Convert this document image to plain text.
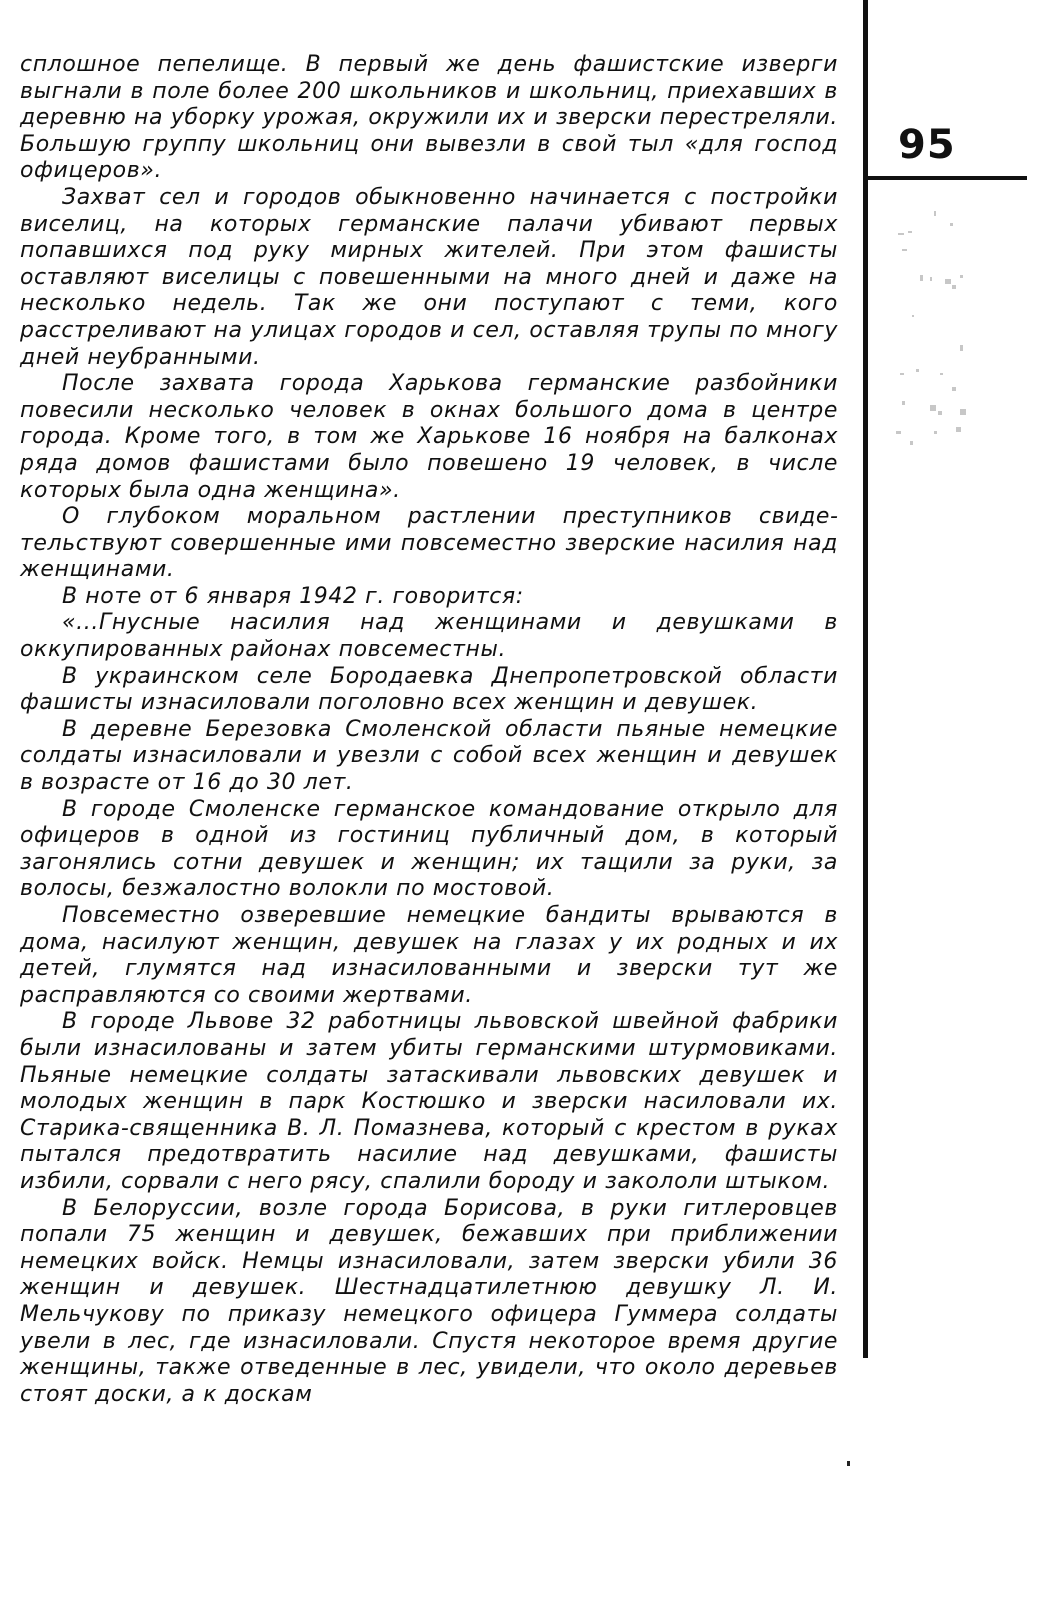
сплошное пепелище. В первый же день фашистские изверги выгнали в поле более 200 школьников и школьниц, приехавших в деревню на уборку урожая, окружили их и зверски перестреляли. Большую группу школьниц они вывезли в свой тыл «для господ офицеров».

Захват сел и городов обыкновенно начинается с постройки виселиц, на которых германские палачи убивают первых попавшихся под руку мирных жителей. При этом фашисты оставляют виселицы с повешенными на много дней и даже на несколько недель. Так же они поступают с теми, кого расстреливают на улицах городов и сел, оставляя трупы по многу дней неубранными.

После захвата города Харькова германские разбойники повесили несколько человек в окнах большого дома в центре города. Кроме того, в том же Харькове 16 ноября на балконах ряда домов фашистами было повешено 19 человек, в числе которых была одна женщина».

О глубоком моральном растлении преступников свидетельствуют совершенные ими повсеместно зверские насилия над женщинами.

В ноте от 6 января 1942 г. говорится:

«...Гнусные насилия над женщинами и девушками в оккупированных районах повсеместны.

В украинском селе Бородаевка Днепропетровской области фашисты изнасиловали поголовно всех женщин и девушек.

В деревне Березовка Смоленской области пьяные немецкие солдаты изнасиловали и увезли с собой всех женщин и девушек в возрасте от 16 до 30 лет.

В городе Смоленске германское командование открыло для офицеров в одной из гостиниц публичный дом, в который загонялись сотни девушек и женщин; их тащили за руки, за волосы, безжалостно волокли по мостовой.

Повсеместно озверевшие немецкие бандиты врываются в дома, насилуют женщин, девушек на глазах у их родных и их детей, глумятся над изнасилованными и зверски тут же расправляются со своими жертвами.

В городе Львове 32 работницы львовской швейной фабрики были изнасилованы и затем убиты германскими штурмовиками. Пьяные немецкие солдаты затаскивали львовских девушек и молодых женщин в парк Костюшко и зверски насиловали их. Старика-священника В. Л. Помазнева, который с крестом в руках пытался предотвратить насилие над девушками, фашисты избили, сорвали с него рясу, спалили бороду и закололи штыком.

В Белоруссии, возле города Борисова, в руки гитлеровцев попали 75 женщин и девушек, бежавших при приближении немецких войск. Немцы изнасиловали, затем зверски убили 36 женщин и девушек. Шестнадцатилетнюю девушку Л. И. Мельчукову по приказу немецкого офицера Гуммера солдаты увели в лес, где изнасиловали. Спустя некоторое время другие женщины, также отведенные в лес, увидели, что около деревьев стоят доски, а к доскам

95
